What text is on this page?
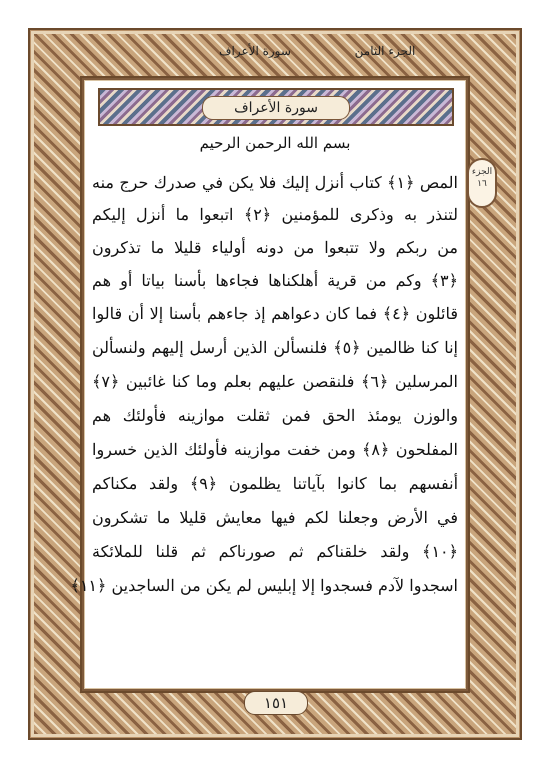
الجزء الثامن
سورة الأعراف
سورة الأعراف
بسم الله الرحمن الرحيم
الجزء
١٦
المص ﴿١﴾ كتاب أنزل إليك فلا يكن في صدرك حرج منه
لتنذر به وذكرى للمؤمنين ﴿٢﴾ اتبعوا ما أنزل إليكم
من ربكم ولا تتبعوا من دونه أولياء قليلا ما تذكرون
﴿٣﴾ وكم من قرية أهلكناها فجاءها بأسنا بياتا أو هم
قائلون ﴿٤﴾ فما كان دعواهم إذ جاءهم بأسنا إلا أن قالوا
إنا كنا ظالمين ﴿٥﴾ فلنسألن الذين أرسل إليهم ولنسألن
المرسلين ﴿٦﴾ فلنقصن عليهم بعلم وما كنا غائبين ﴿٧﴾
والوزن يومئذ الحق فمن ثقلت موازينه فأولئك هم
المفلحون ﴿٨﴾ ومن خفت موازينه فأولئك الذين خسروا
أنفسهم بما كانوا بآياتنا يظلمون ﴿٩﴾ ولقد مكناكم
في الأرض وجعلنا لكم فيها معايش قليلا ما تشكرون
﴿١٠﴾ ولقد خلقناكم ثم صورناكم ثم قلنا للملائكة
اسجدوا لآدم فسجدوا إلا إبليس لم يكن من الساجدين ﴿١١﴾
١٥١
